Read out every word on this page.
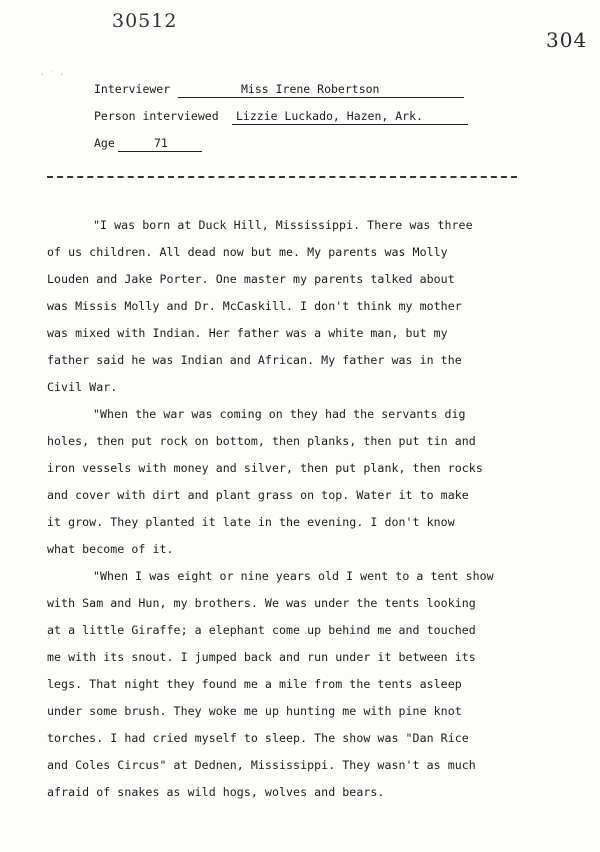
30512
304
· ˙ ·
Interviewer	Miss Irene Robertson
Person interviewed Lizzie Luckado, Hazen, Ark.
Age	71
"I was born at Duck Hill, Mississippi. There was three
of us children. All dead now but me. My parents was Molly
Louden and Jake Porter. One master my parents talked about
was Missis Molly and Dr. McCaskill. I don't think my mother
was mixed with Indian. Her father was a white man, but my
father said he was Indian and African. My father was in the
Civil War.
"When the war was coming on they had the servants dig
holes, then put rock on bottom, then planks, then put tin and
iron vessels with money and silver, then put plank, then rocks
and cover with dirt and plant grass on top. Water it to make
it grow. They planted it late in the evening. I don't know
what become of it.
"When I was eight or nine years old I went to a tent show
with Sam and Hun, my brothers. We was under the tents looking
at a little Giraffe; a elephant come up behind me and touched
me with its snout. I jumped back and run under it between its
legs. That night they found me a mile from the tents asleep
under some brush. They woke me up hunting me with pine knot
torches. I had cried myself to sleep. The show was "Dan Rice
and Coles Circus" at Dednen, Mississippi. They wasn't as much
afraid of snakes as wild hogs, wolves and bears.
